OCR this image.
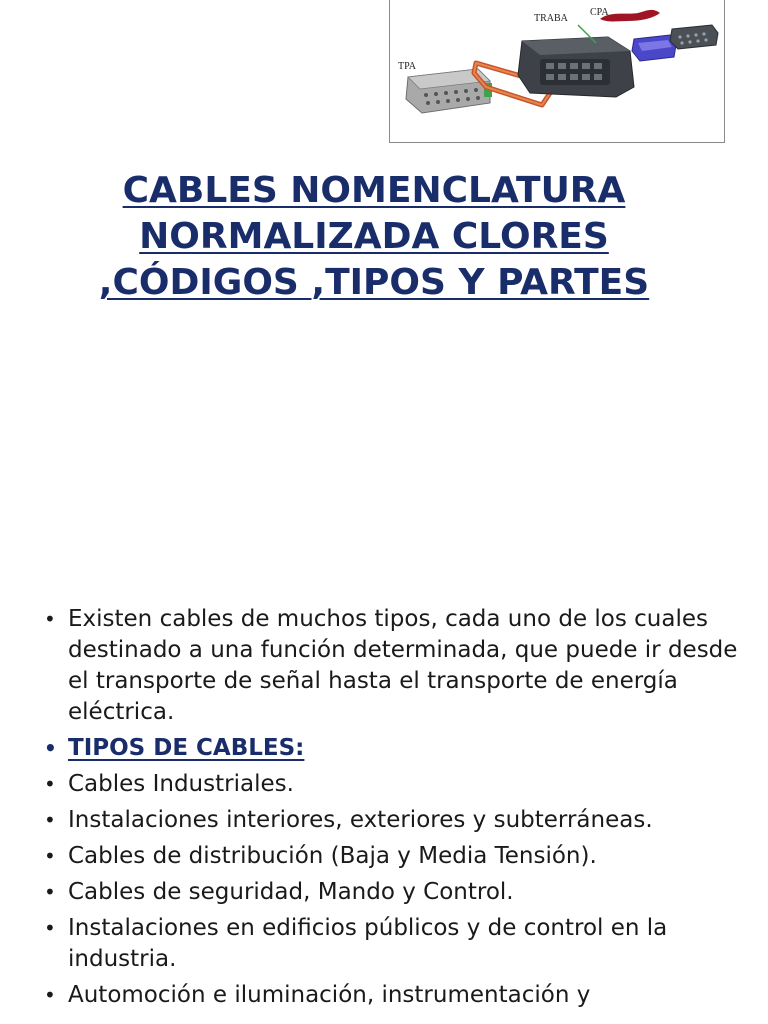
TRABA
CPA
TPA
CABLES NOMENCLATURA
NORMALIZADA CLORES
,CÓDIGOS ,TIPOS Y PARTES
• Existen cables de muchos tipos, cada uno de los cuales destinado a una función determinada, que puede ir desde el transporte de señal hasta el transporte de energía eléctrica.
• TIPOS DE CABLES:
• Cables Industriales.
• Instalaciones interiores, exteriores y subterráneas.
• Cables de distribución (Baja y Media Tensión).
• Cables de seguridad, Mando y Control.
• Instalaciones en edificios públicos y de control en la industria.
• Automoción e iluminación, instrumentación y
